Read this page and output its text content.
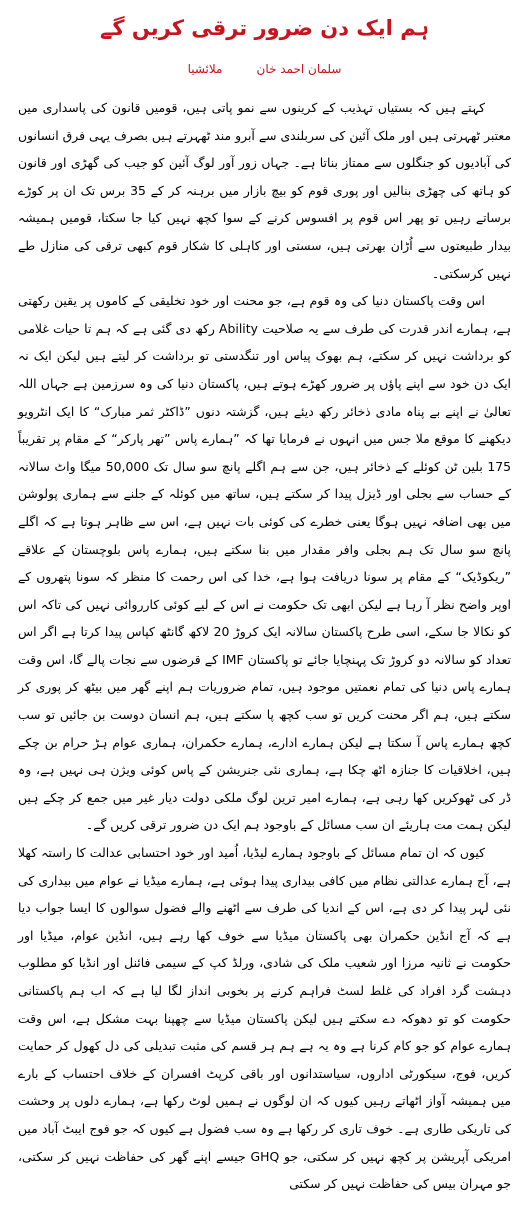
ہم ایک دن ضرور ترقی کریں گے
سلمان احمد خان
ملائشیا

کہتے ہیں کہ بستیاں تہذیب کے کرینوں سے نمو پاتی ہیں، قومیں قانون کی پاسداری میں معتبر ٹھہرتی ہیں اور ملک آئین کی سربلندی سے آبرو مند ٹھہرتے ہیں بصرف یہی فرق انسانوں کی آبادیوں کو جنگلوں سے ممتاز بناتا ہے۔ جہاں زور آور لوگ آئین کو جیب کی گھڑی اور قانون کو ہاتھ کی چھڑی بنالیں اور پوری قوم کو بیچ بازار میں برہنہ کر کے 35 برس تک ان پر کوڑے برساتے رہیں تو پھر اس قوم پر افسوس کرنے کے سوا کچھ نہیں کیا جا سکتا، قومیں ہمیشہ بیدار طبیعتوں سے اُڑان بھرتی ہیں، سستی اور کاہلی کا شکار قوم کبھی ترقی کی منازل طے نہیں کرسکتی۔

اس وقت پاکستان دنیا کی وہ قوم ہے، جو محنت اور خود تخلیقی کے کاموں پر یقین رکھتی ہے، ہمارے اندر قدرت کی طرف سے یہ صلاحیت Ability رکھ دی گئی ہے کہ ہم تا حیات غلامی کو برداشت نہیں کر سکتے، ہم بھوک پیاس اور تنگدستی تو برداشت کر لیتے ہیں لیکن ایک نہ ایک دن خود سے اپنے پاؤں پر ضرور کھڑے ہوتے ہیں، پاکستان دنیا کی وہ سرزمین ہے جہاں اللہ تعالیٰ نے اپنے بے پناہ مادی ذخائر رکھ دیئے ہیں، گزشتہ دنوں ”ڈاکٹر ثمر مبارک“ کا ایک انٹرویو دیکھنے کا موقع ملا جس میں انہوں نے فرمایا تھا کہ ”ہمارے پاس ”تھر پارکر“ کے مقام پر تقریباً 175 بلین ٹن کوئلے کے ذخائر ہیں، جن سے ہم اگلے پانچ سو سال تک 50,000 میگا واٹ سالانہ کے حساب سے بجلی اور ڈیزل پیدا کر سکتے ہیں، ساتھ میں کوئلہ کے جلنے سے ہماری پولوشن میں بھی اضافہ نہیں ہوگا یعنی خطرے کی کوئی بات نہیں ہے، اس سے ظاہر ہوتا ہے کہ اگلے پانچ سو سال تک ہم بجلی وافر مقدار میں بنا سکتے ہیں، ہمارے پاس بلوچستان کے علاقے ”ریکوڈیک“ کے مقام پر سونا دریافت ہوا ہے، خدا کی اس رحمت کا منظر کہ سونا پتھروں کے اوپر واضح نظر آ رہا ہے لیکن ابھی تک حکومت نے اس کے لیے کوئی کارروائی نہیں کی تاکہ اس کو نکالا جا سکے، اسی طرح پاکستان سالانہ ایک کروڑ 20 لاکھ گانٹھ کپاس پیدا کرتا ہے اگر اس تعداد کو سالانہ دو کروڑ تک پہنچایا جائے تو پاکستان IMF کے قرضوں سے نجات پالے گا، اس وقت ہمارے پاس دنیا کی تمام نعمتیں موجود ہیں، تمام ضروریات ہم اپنے گھر میں بیٹھ کر پوری کر سکتے ہیں، ہم اگر محنت کریں تو سب کچھ پا سکتے ہیں، ہم انسان دوست بن جائیں تو سب کچھ ہمارے پاس آ سکتا ہے لیکن ہمارے ادارے، ہمارے حکمران، ہماری عوام ہڑ حرام بن چکے ہیں، اخلاقیات کا جنازہ اٹھ چکا ہے، ہماری نئی جنریشن کے پاس کوئی ویژن ہی نہیں ہے، وہ ڈر کی ٹھوکریں کھا رہی ہے، ہمارے امیر ترین لوگ ملکی دولت دیار غیر میں جمع کر چکے ہیں لیکن ہمت مت ہاریئے ان سب مسائل کے باوجود ہم ایک دن ضرور ترقی کریں گے۔

کیوں کہ ان تمام مسائل کے باوجود ہمارے لیڈیا، اُمید اور خود احتسابی عدالت کا راستہ کھلا ہے، آج ہمارے عدالتی نظام میں کافی بیداری پیدا ہوئی ہے، ہمارے میڈیا نے عوام میں بیداری کی نئی لہر پیدا کر دی ہے، اس کے اندیا کی طرف سے اٹھنے والے فضول سوالوں کا ایسا جواب دیا ہے کہ آج انڈین حکمران بھی پاکستان میڈیا سے خوف کھا رہے ہیں، انڈین عوام، میڈیا اور حکومت نے ثانیہ مرزا اور شعیب ملک کی شادی، ورلڈ کپ کے سیمی فائنل اور انڈیا کو مطلوب دہشت گرد افراد کی غلط لسٹ فراہم کرنے پر بخوبی انداز لگا لیا ہے کہ اب ہم پاکستانی حکومت کو تو دھوکہ دے سکتے ہیں لیکن پاکستان میڈیا سے چھپنا بہت مشکل ہے، اس وقت ہمارے عوام کو جو کام کرنا ہے وہ یہ ہے ہم ہر قسم کی مثبت تبدیلی کی دل کھول کر حمایت کریں، فوج، سیکورٹی اداروں، سیاستدانوں اور باقی کرپٹ افسران کے خلاف احتساب کے بارے میں ہمیشہ آواز اٹھاتے رہیں کیوں کہ ان لوگوں نے ہمیں لوٹ رکھا ہے، ہمارے دلوں پر وحشت کی تاریکی طاری ہے۔ خوف تاری کر رکھا ہے وہ سب فضول ہے کیوں کہ جو فوج ایبٹ آباد میں امریکی آپریشن پر کچھ نہیں کر سکتی، جو GHQ جیسے اپنے گھر کی حفاظت نہیں کر سکتی، جو مہران بیس کی حفاظت نہیں کر سکتی
